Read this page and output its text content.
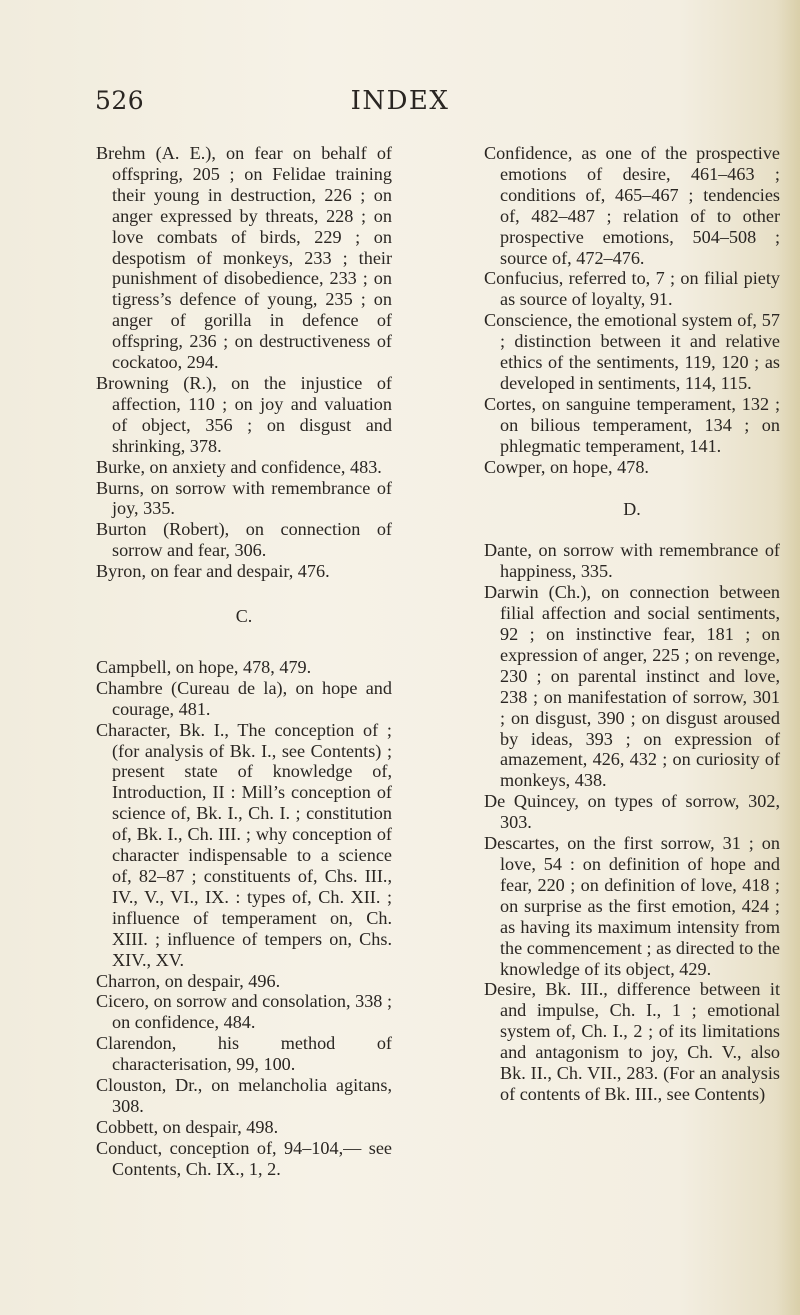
526	INDEX

Brehm (A. E.), on fear on behalf of offspring, 205 ; on Felidae training their young in destruction, 226 ; on anger expressed by threats, 228 ; on love combats of birds, 229 ; on despotism of monkeys, 233 ; their punishment of disobedience, 233 ; on tigress’s defence of young, 235 ; on anger of gorilla in defence of offspring, 236 ; on destructiveness of cockatoo, 294.

Browning (R.), on the injustice of affection, 110 ; on joy and valuation of object, 356 ; on disgust and shrinking, 378.

Burke, on anxiety and confidence, 483.

Burns, on sorrow with remembrance of joy, 335.

Burton (Robert), on connection of sorrow and fear, 306.

Byron, on fear and despair, 476.

C.

Campbell, on hope, 478, 479.

Chambre (Cureau de la), on hope and courage, 481.

Character, Bk. I., The conception of ; (for analysis of Bk. I., see Contents) ; present state of knowledge of, Introduction, II : Mill’s conception of science of, Bk. I., Ch. I. ; constitution of, Bk. I., Ch. III. ; why conception of character indispensable to a science of, 82–87 ; constituents of, Chs. III., IV., V., VI., IX. : types of, Ch. XII. ; influence of temperament on, Ch. XIII. ; influence of tempers on, Chs. XIV., XV.

Charron, on despair, 496.

Cicero, on sorrow and consolation, 338 ; on confidence, 484.

Clarendon, his method of characterisation, 99, 100.

Clouston, Dr., on melancholia agitans, 308.

Cobbett, on despair, 498.

Conduct, conception of, 94–104,— see Contents, Ch. IX., 1, 2.

Confidence, as one of the prospective emotions of desire, 461–463 ; conditions of, 465–467 ; tendencies of, 482–487 ; relation of to other prospective emotions, 504–508 ; source of, 472–476.

Confucius, referred to, 7 ; on filial piety as source of loyalty, 91.

Conscience, the emotional system of, 57 ; distinction between it and relative ethics of the sentiments, 119, 120 ; as developed in sentiments, 114, 115.

Cortes, on sanguine temperament, 132 ; on bilious temperament, 134 ; on phlegmatic temperament, 141.

Cowper, on hope, 478.

D.

Dante, on sorrow with remembrance of happiness, 335.

Darwin (Ch.), on connection between filial affection and social sentiments, 92 ; on instinctive fear, 181 ; on expression of anger, 225 ; on revenge, 230 ; on parental instinct and love, 238 ; on manifestation of sorrow, 301 ; on disgust, 390 ; on disgust aroused by ideas, 393 ; on expression of amazement, 426, 432 ; on curiosity of monkeys, 438.

De Quincey, on types of sorrow, 302, 303.

Descartes, on the first sorrow, 31 ; on love, 54 : on definition of hope and fear, 220 ; on definition of love, 418 ; on surprise as the first emotion, 424 ; as having its maximum intensity from the commencement ; as directed to the knowledge of its object, 429.

Desire, Bk. III., difference between it and impulse, Ch. I., 1 ; emotional system of, Ch. I., 2 ; of its limitations and antagonism to joy, Ch. V., also Bk. II., Ch. VII., 283. (For an analysis of contents of Bk. III., see Contents)
